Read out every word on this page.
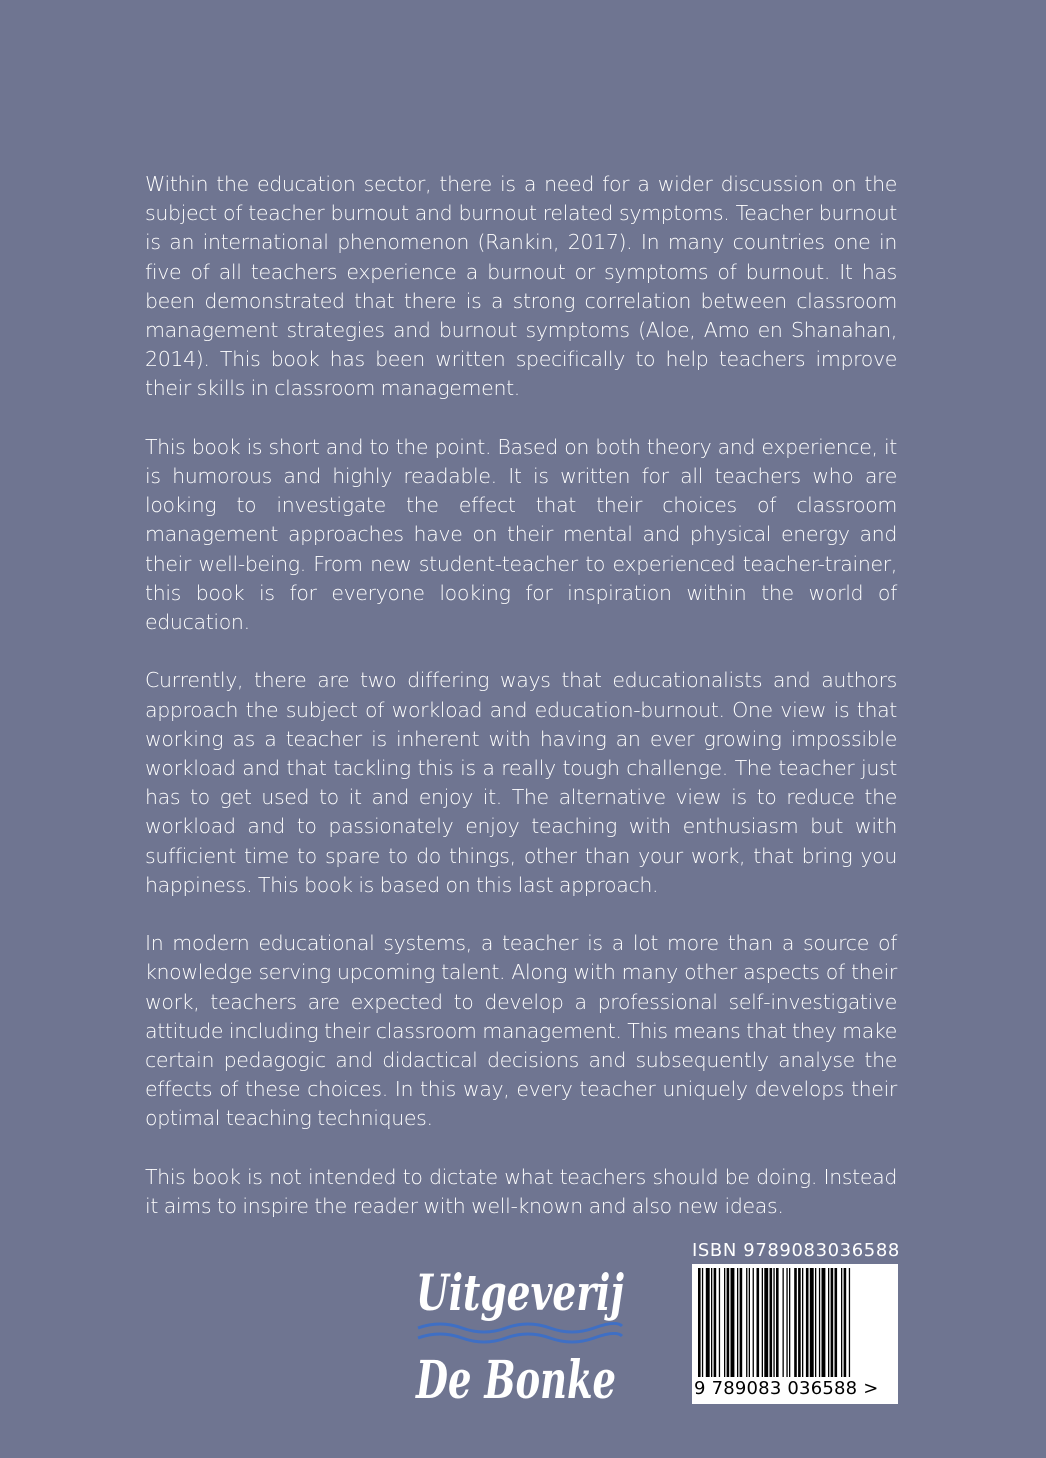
Within the education sector, there is a need for a wider discussion on the subject of teacher burnout and burnout related symptoms. Teacher burnout is an international phenomenon (Rankin, 2017). In many countries one in five of all teachers experience a burnout or symptoms of burnout. It has been demonstrated that there is a strong correlation between classroom management strategies and burnout symptoms (Aloe, Amo en Shanahan, 2014). This book has been written specifically to help teachers improve their skills in classroom management.

This book is short and to the point. Based on both theory and experience, it is humorous and highly readable. It is written for all teachers who are looking to investigate the effect that their choices of classroom management approaches have on their mental and physical energy and their well-being. From new student-teacher to experienced teacher-trainer, this book is for everyone looking for inspiration within the world of education.

Currently, there are two differing ways that educationalists and authors approach the subject of workload and education-burnout. One view is that working as a teacher is inherent with having an ever growing impossible workload and that tackling this is a really tough challenge. The teacher just has to get used to it and enjoy it. The alternative view is to reduce the workload and to passionately enjoy teaching with enthusiasm but with sufficient time to spare to do things, other than your work, that bring you happiness. This book is based on this last approach.

In modern educational systems, a teacher is a lot more than a source of knowledge serving upcoming talent. Along with many other aspects of their work, teachers are expected to develop a professional self-investigative attitude including their classroom management. This means that they make certain pedagogic and didactical decisions and subsequently analyse the effects of these choices. In this way, every teacher uniquely develops their optimal teaching techniques.

This book is not intended to dictate what teachers should be doing. Instead it aims to inspire the reader with well-known and also new ideas.

Uitgeverij
De Bonke
ISBN 9789083036588
9 789083 036588 >
